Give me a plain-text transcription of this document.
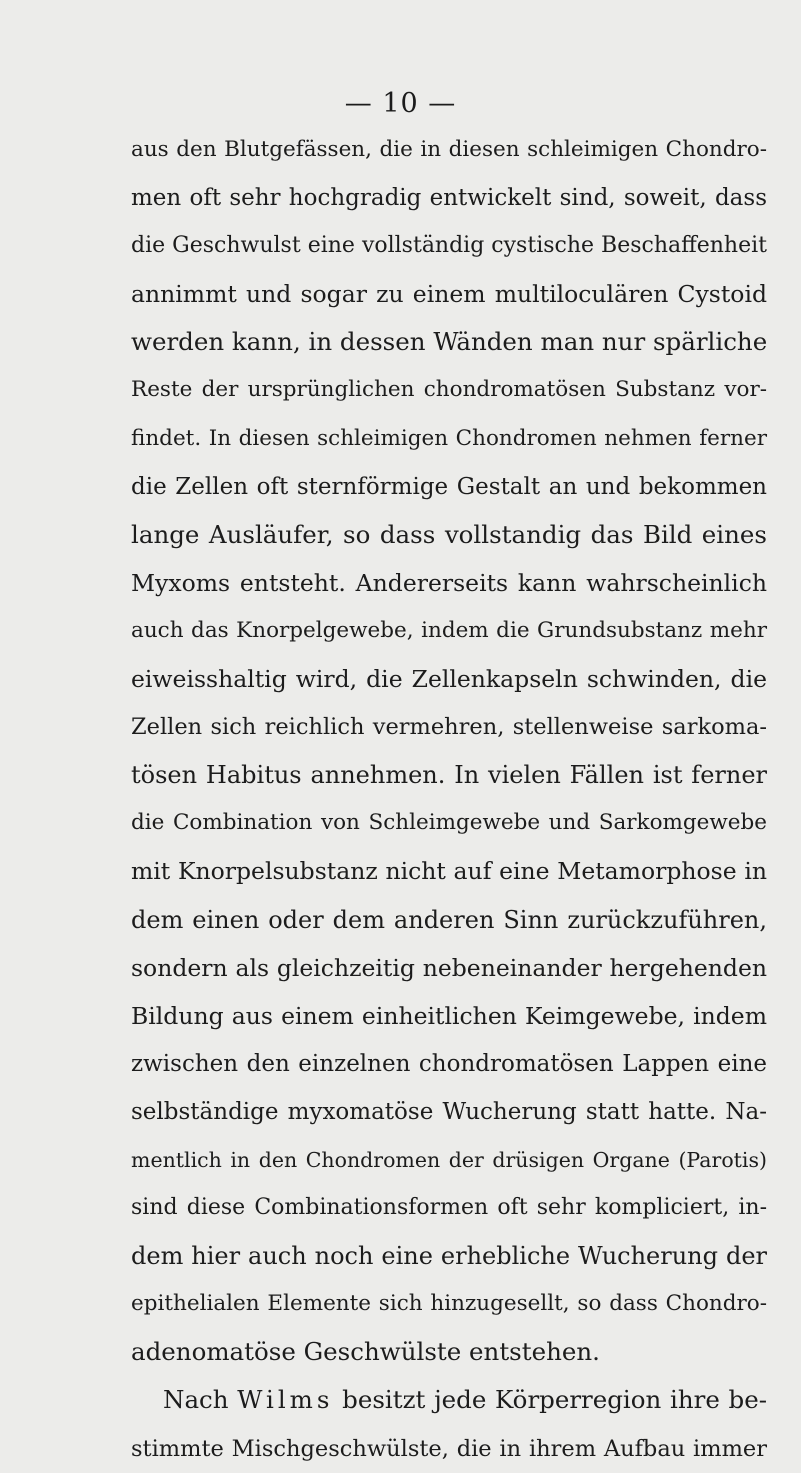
— 10 —
aus den Blutgefässen, die in diesen schleimigen Chondro-
men oft sehr hochgradig entwickelt sind, soweit, dass
die Geschwulst eine vollständig cystische Beschaffenheit
annimmt und sogar zu einem multiloculären Cystoid
werden kann, in dessen Wänden man nur spärliche
Reste der ursprünglichen chondromatösen Substanz vor-
findet. In diesen schleimigen Chondromen nehmen ferner
die Zellen oft sternförmige Gestalt an und bekommen
lange Ausläufer, so dass vollstandig das Bild eines
Myxoms entsteht. Andererseits kann wahrscheinlich
auch das Knorpelgewebe, indem die Grundsubstanz mehr
eiweisshaltig wird, die Zellenkapseln schwinden, die
Zellen sich reichlich vermehren, stellenweise sarkoma-
tösen Habitus annehmen. In vielen Fällen ist ferner
die Combination von Schleimgewebe und Sarkomgewebe
mit Knorpelsubstanz nicht auf eine Metamorphose in
dem einen oder dem anderen Sinn zurückzuführen,
sondern als gleichzeitig nebeneinander hergehenden
Bildung aus einem einheitlichen Keimgewebe, indem
zwischen den einzelnen chondromatösen Lappen eine
selbständige myxomatöse Wucherung statt hatte. Na-
mentlich in den Chondromen der drüsigen Organe (Parotis)
sind diese Combinationsformen oft sehr kompliciert, in-
dem hier auch noch eine erhebliche Wucherung der
epithelialen Elemente sich hinzugesellt, so dass Chondro-
adenomatöse Geschwülste entstehen.
Nach Wilms besitzt jede Körperregion ihre be-
stimmte Mischgeschwülste, die in ihrem Aufbau immer
